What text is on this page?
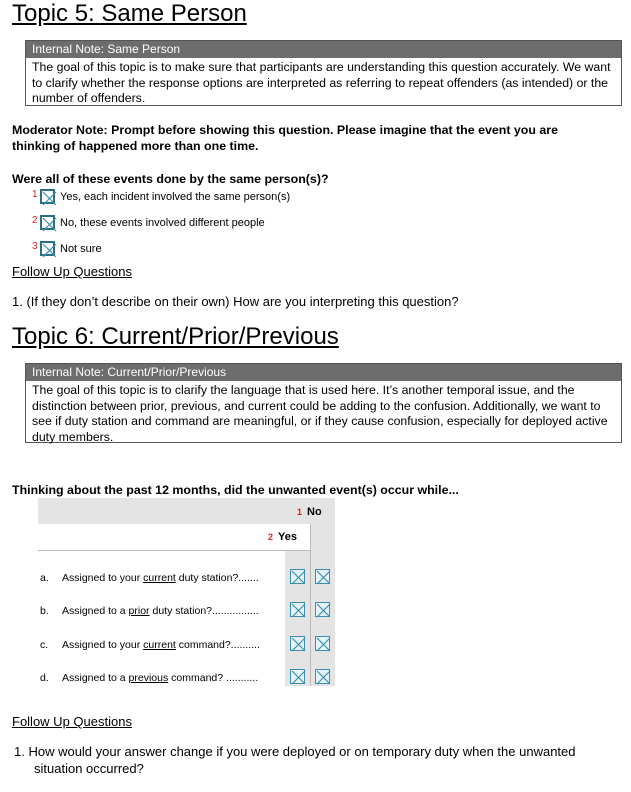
Topic 5: Same Person
Internal Note: Same Person
The goal of this topic is to make sure that participants are understanding this question accurately. We want to clarify whether the response options are interpreted as referring to repeat offenders (as intended) or the number of offenders.
Moderator Note: Prompt before showing this question. Please imagine that the event you are thinking of happened more than one time.
Were all of these events done by the same person(s)?
1 Yes, each incident involved the same person(s)
2 No, these events involved different people
3 Not sure
Follow Up Questions
1. (If they don’t describe on their own) How are you interpreting this question?
Topic 6: Current/Prior/Previous
Internal Note: Current/Prior/Previous
The goal of this topic is to clarify the language that is used here. It’s another temporal issue, and the distinction between prior, previous, and current could be adding to the confusion. Additionally, we want to see if duty station and command are meaningful, or if they cause confusion, especially for deployed active duty members.
Thinking about the past 12 months, did the unwanted event(s) occur while...
1 No
2 Yes
a.	Assigned to your current duty station?.......
b.	Assigned to a prior duty station?................
c.	Assigned to your current command?..........
d.	Assigned to a previous command? ...........
Follow Up Questions
1. How would your answer change if you were deployed or on temporary duty when the unwanted situation occurred?
